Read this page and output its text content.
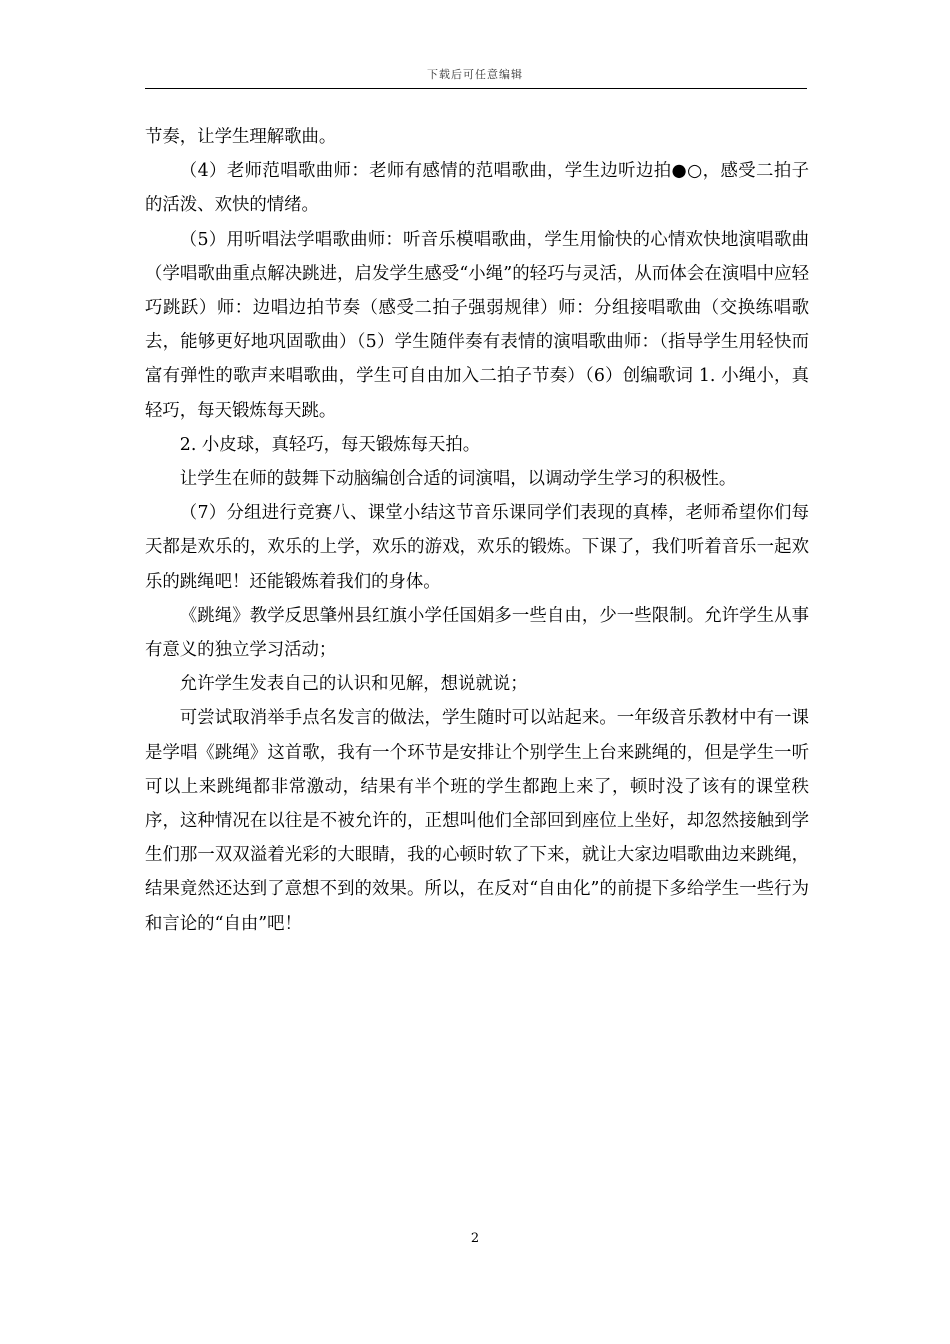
下载后可任意编辑

节奏，让学生理解歌曲。

（4）老师范唱歌曲师：老师有感情的范唱歌曲，学生边听边拍●○，感受二拍子的活泼、欢快的情绪。

（5）用听唱法学唱歌曲师：听音乐模唱歌曲，学生用愉快的心情欢快地演唱歌曲（学唱歌曲重点解决跳进，启发学生感受“小绳”的轻巧与灵活，从而体会在演唱中应轻巧跳跃）师：边唱边拍节奏（感受二拍子强弱规律）师：分组接唱歌曲（交换练唱歌去，能够更好地巩固歌曲）（5）学生随伴奏有表情的演唱歌曲师：（指导学生用轻快而富有弹性的歌声来唱歌曲，学生可自由加入二拍子节奏）（6）创编歌词 1. 小绳小，真轻巧，每天锻炼每天跳。

2. 小皮球，真轻巧，每天锻炼每天拍。

让学生在师的鼓舞下动脑编创合适的词演唱，以调动学生学习的积极性。

（7）分组进行竞赛八、课堂小结这节音乐课同学们表现的真棒，老师希望你们每天都是欢乐的，欢乐的上学，欢乐的游戏，欢乐的锻炼。下课了，我们听着音乐一起欢乐的跳绳吧！还能锻炼着我们的身体。

《跳绳》教学反思肇州县红旗小学任国娟多一些自由，少一些限制。允许学生从事有意义的独立学习活动；

允许学生发表自己的认识和见解，想说就说；

可尝试取消举手点名发言的做法，学生随时可以站起来。一年级音乐教材中有一课是学唱《跳绳》这首歌，我有一个环节是安排让个别学生上台来跳绳的，但是学生一听可以上来跳绳都非常激动，结果有半个班的学生都跑上来了，顿时没了该有的课堂秩序，这种情况在以往是不被允许的，正想叫他们全部回到座位上坐好，却忽然接触到学生们那一双双溢着光彩的大眼睛，我的心顿时软了下来，就让大家边唱歌曲边来跳绳，结果竟然还达到了意想不到的效果。所以，在反对“自由化”的前提下多给学生一些行为和言论的“自由”吧！

2
